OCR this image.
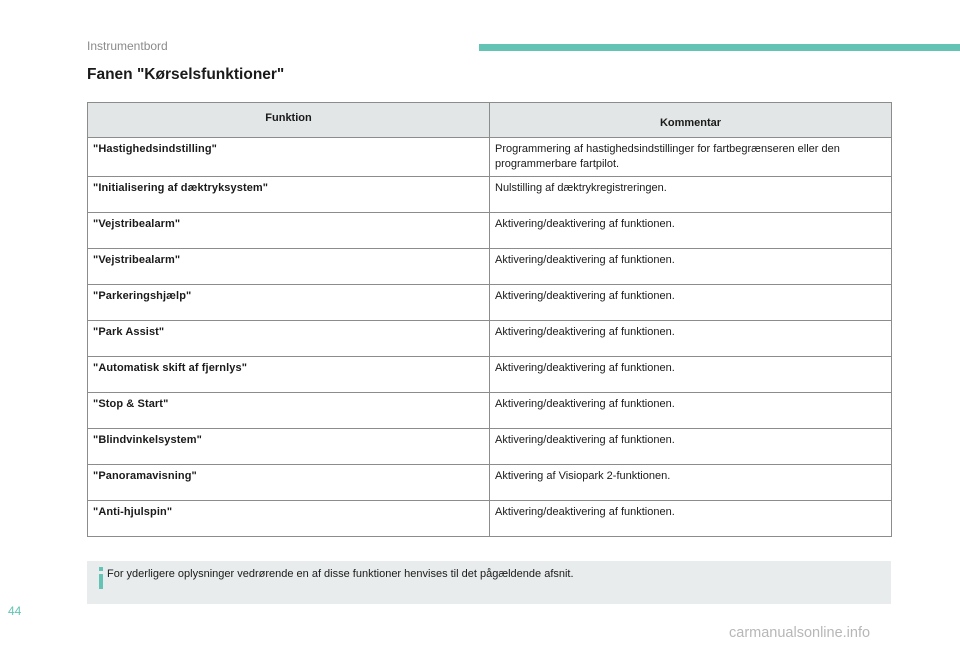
Instrumentbord
Fanen "Kørselsfunktioner"
Funktion	Kommentar
"Hastighedsindstilling"	Programmering af hastighedsindstillinger for fartbegrænseren eller den programmerbare fartpilot.
"Initialisering af dæktryksystem"	Nulstilling af dæktrykregistreringen.
"Vejstribealarm"	Aktivering/deaktivering af funktionen.
"Vejstribealarm"	Aktivering/deaktivering af funktionen.
"Parkeringshjælp"	Aktivering/deaktivering af funktionen.
"Park Assist"	Aktivering/deaktivering af funktionen.
"Automatisk skift af fjernlys"	Aktivering/deaktivering af funktionen.
"Stop & Start"	Aktivering/deaktivering af funktionen.
"Blindvinkelsystem"	Aktivering/deaktivering af funktionen.
"Panoramavisning"	Aktivering af Visiopark 2-funktionen.
"Anti-hjulspin"	Aktivering/deaktivering af funktionen.
For yderligere oplysninger vedrørende en af disse funktioner henvises til det pågældende afsnit.
44
carmanualsonline.info
